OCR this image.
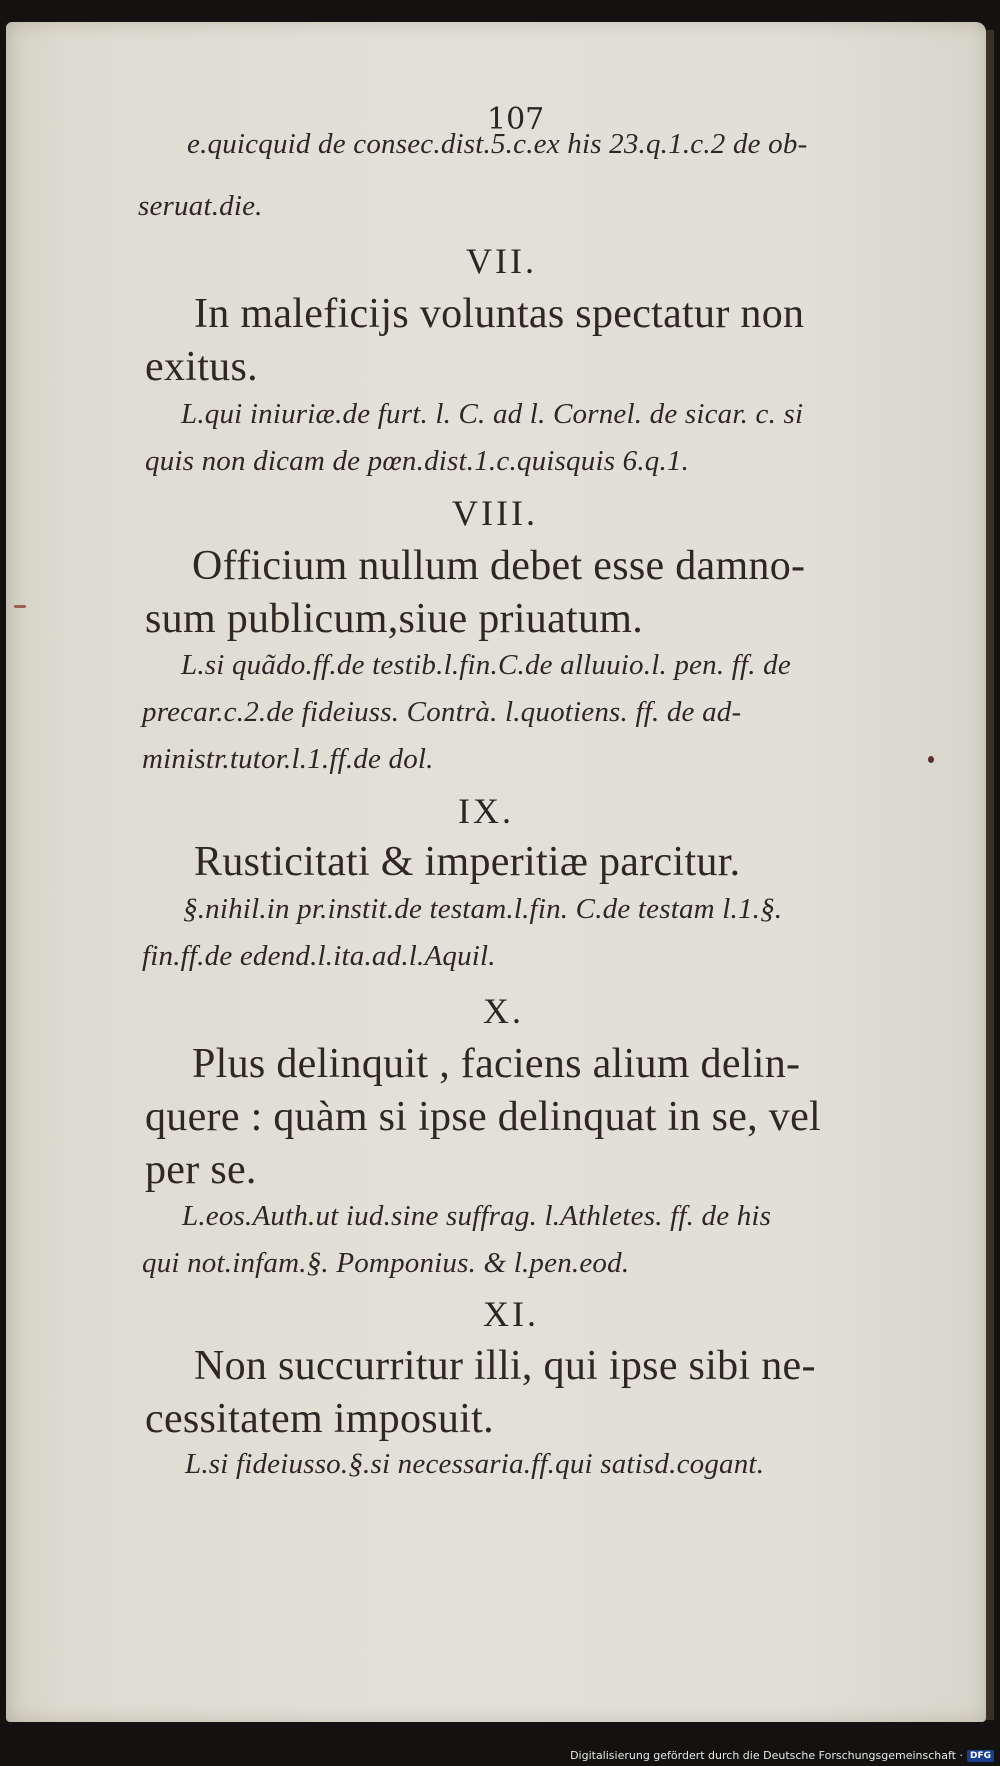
107
e.quicquid de consec.dist.5.c.ex his 23.q.1.c.2 de ob-
seruat.die.
VII.
In maleficijs voluntas spectatur non
exitus.
L.qui iniuriæ.de furt. l. C. ad l. Cornel. de sicar. c. si
quis non dicam de pœn.dist.1.c.quisquis 6.q.1.
VIII.
Officium nullum debet esse damno-
sum publicum,siue priuatum.
L.si quãdo.ff.de testib.l.fin.C.de alluuio.l. pen. ff. de
precar.c.2.de fideiuss. Contrà. l.quotiens. ff. de ad-
ministr.tutor.l.1.ff.de dol.
IX.
Rusticitati & imperitiæ parcitur.
§.nihil.in pr.instit.de testam.l.fin. C.de testam l.1.§.
fin.ff.de edend.l.ita.ad.l.Aquil.
X.
Plus delinquit , faciens alium delin-
quere : quàm si ipse delinquat in se, vel
per se.
L.eos.Auth.ut iud.sine suffrag. l.Athletes. ff. de his
qui not.infam.§. Pomponius. & l.pen.eod.
XI.
Non succurritur illi, qui ipse sibi ne-
cessitatem imposuit.
L.si fideiusso.§.si necessaria.ff.qui satisd.cogant.
Digitalisierung gefördert durch die Deutsche Forschungsgemeinschaft · DFG
